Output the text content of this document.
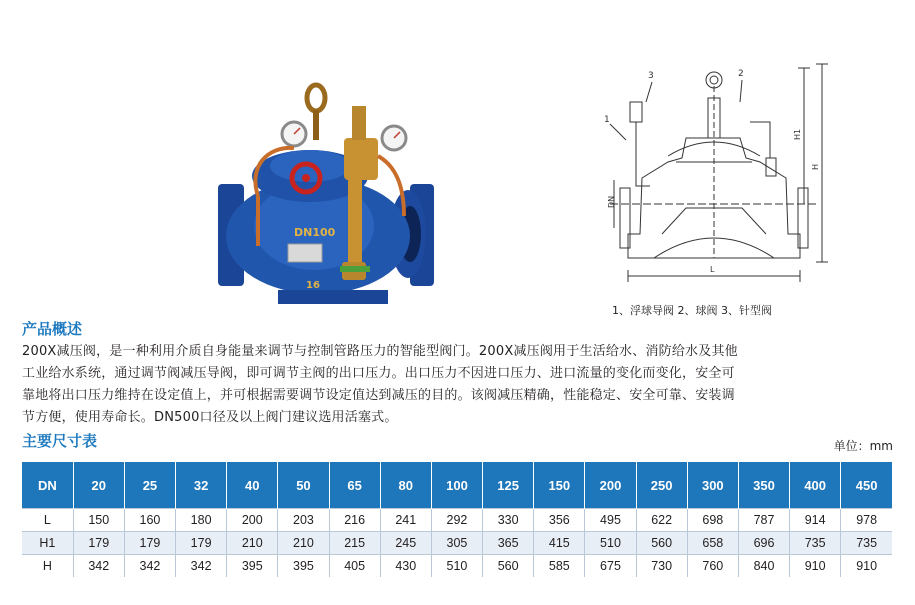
DN100
16
3	2
1
H1
H
L
DN
1、浮球导阀 2、球阀 3、针型阀
产品概述

200X减压阀，是一种利用介质自身能量来调节与控制管路压力的智能型阀门。200X减压阀用于生活给水、消防给水及其他

工业给水系统，通过调节阀减压导阀，即可调节主阀的出口压力。出口压力不因进口压力、进口流量的变化而变化，安全可

靠地将出口压力维持在设定值上，并可根据需要调节设定值达到减压的目的。该阀减压精确，性能稳定、安全可靠、安装调

节方便，使用寿命长。DN500口径及以上阀门建议选用活塞式。

主要尺寸表	单位：mm
DN	20	25	32	40	50	65	80	100	125	150	200	250	300	350	400	450
L	150	160	180	200	203	216	241	292	330	356	495	622	698	787	914	978
H1	179	179	179	210	210	215	245	305	365	415	510	560	658	696	735	735
H	342	342	342	395	395	405	430	510	560	585	675	730	760	840	910	910
